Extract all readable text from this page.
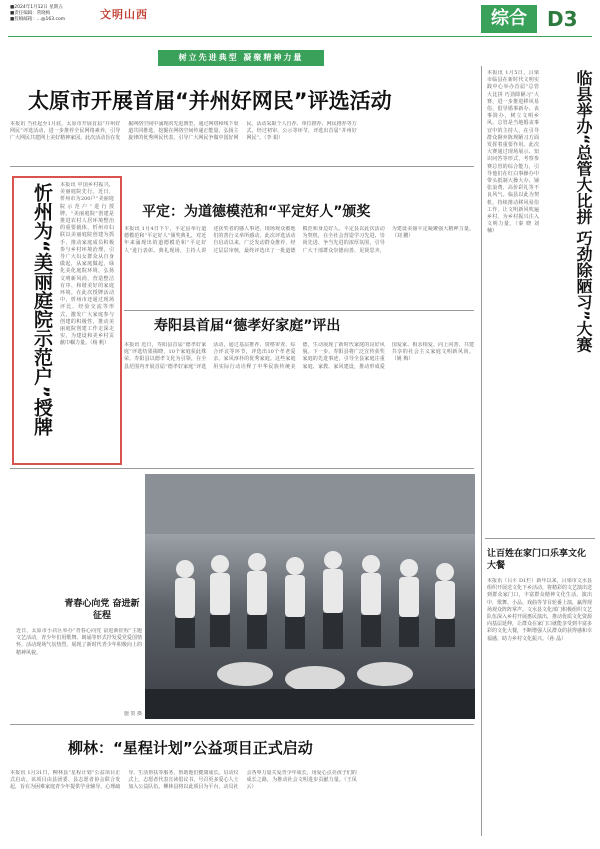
■2024年1月12日 星期五
■责任编辑：常晓梅
■投稿邮箱：...@163.com	文明山西	综合	D3
树立先进典型 凝聚精神力量
太原市开展首届“并州好网民”评选活动
本报讯 当社起至1月底，太原市开展首届“并州好网民”评选活动，进一步推荐全民网络素养，引导广大网民共建网上美好精神家园。此次活动旨在发掘网络空间中涌现的先进典型，通过网络和线下渠道共同推选，挖掘在网络空间传递正能量、弘扬主旋律的优秀网民代表，引导广大网民争做中国好网民。活动采取个人自荐、单位推荐、网民推荐等方式，经过初审、公示等环节，评选出首届“并州好网民”。（李 娟）
忻州为“美丽庭院示范户”授牌 本报讯 中国乡村振兴，美丽庭院先行。近日，忻州市为200户“美丽庭院示范户”进行授牌。“美丽庭院”创建是推进农村人居环境整治的重要载体，忻州市妇联以美丽庭院创建为抓手，推动家庭成员积极参与乡村环境治理，引导广大妇女群众从自身做起，从家庭做起，绿化美化庭院环境，弘扬文明新风尚，营造整洁有序、和谐美好的家庭环境。在此次授牌活动中，忻州市还通过现场评比、经验交流等形式，激发广大家庭参与创建的积极性，推动美丽庭院创建工作走深走实，为建设和美乡村贡献巾帼力量。（杨 帆）
平定：为道德模范和“平定好人”颁奖
本报讯 1月4日下午，平定县举行道德模范和“平定好人”颁奖典礼，对近年来涌现出的道德模范和“平定好人”进行表彰。典礼现场，主持人讲述获奖者的感人事迹，现场观众被他们的善行义举所感动。此次评选活动自启动以来，广泛发动群众推荐，经过层层审核，最终评选出了一批道德模范和身边好人。平定县以此次活动为契机，在全社会营造学习先进、崇尚先进、争当先进的浓厚氛围，引导广大干部群众崇德向善、见贤思齐，为建设美丽平定凝聚强大精神力量。（刘 鹏）
寿阳县首届“德孝好家庭”评出
本报讯 近日，寿阳县首届“德孝好家庭”评选结果揭晓，10个家庭获此殊荣。寿阳县以德孝文化为引领，在全县范围内开展首届“德孝好家庭”评选活动，通过基层推荐、资格审查、综合评议等环节，评选出10个孝老爱亲、家风淳朴的优秀家庭。这些家庭用实际行动诠释了中华民族传统美德，生动展现了新时代家庭的良好风貌。下一步，寿阳县将广泛宣传获奖家庭的先进事迹，引导全县家庭注重家庭、家教、家风建设，推动形成爱国爱家、相亲相爱、向上向善、共建共享的社会主义家庭文明新风尚。（姚 梅）
本报讯 1月5日，吕梁市临县在新时代文明实践中心举办首届“总管大比拼 巧劲除陋习”大赛，进一步推进移风易俗，倡导婚事新办、丧事简办，树立文明乡风。总管是当地婚丧事宜中的主持人，在引导群众摒弃陈规陋习方面发挥着重要作用。此次大赛通过现场展示、知识问答等形式，考察参赛总管的综合能力，引导他们在红白事操办中带头抵制大操大办、铺张浪费、高价彩礼等不良风气。临县以此为契机，持续推动移风易俗工作，让文明新风吹遍乡村，为乡村振兴注入文明力量。（秦 晓 刘 楠）	临县举办“总管大比拼 巧劲除陋习”大赛
让百姓在家门口乐享文化大餐
本报讯（吕平 D1栏）新年以来，吕梁市文水县组织开展送文化下乡活动，将精彩的文艺演出送到群众家门口，丰富群众精神文化生活。演出中，歌舞、小品、戏曲等节目轮番上演，赢得现场观众阵阵掌声。文水县文化部门积极组织文艺队伍深入乡村开展惠民演出，推动优质文化资源向基层延伸，让群众在家门口就能享受到丰富多彩的文化大餐，不断增强人民群众的获得感和幸福感，助力乡村文化振兴。（孙 晶）
青春心向党 奋进新征程
近日，太原市小店区举办“青春心向党 奋进新征程”主题文艺活动，青少年们用歌舞、朗诵等形式抒发爱党爱国情怀。活动现场气氛热烈，展现了新时代青少年积极向上的精神风貌。
施 贺 摄
柳林：“星程计划”公益项目正式启动
本报讯 1月31日，柳林县“星程计划”公益项目正式启动。该项目由县团委、县志愿者协会联合发起，旨在为困难家庭青少年提供学业辅导、心理疏导、生活帮扶等服务，帮助他们健康成长。启动仪式上，志愿者代表宣读倡议书，号召更多爱心人士加入公益队伍。柳林县将以此项目为平台，动员社会各界力量关爱青少年成长，用爱心点亮孩子们的成长之路，为推动社会文明进步贡献力量。（王凤云）
